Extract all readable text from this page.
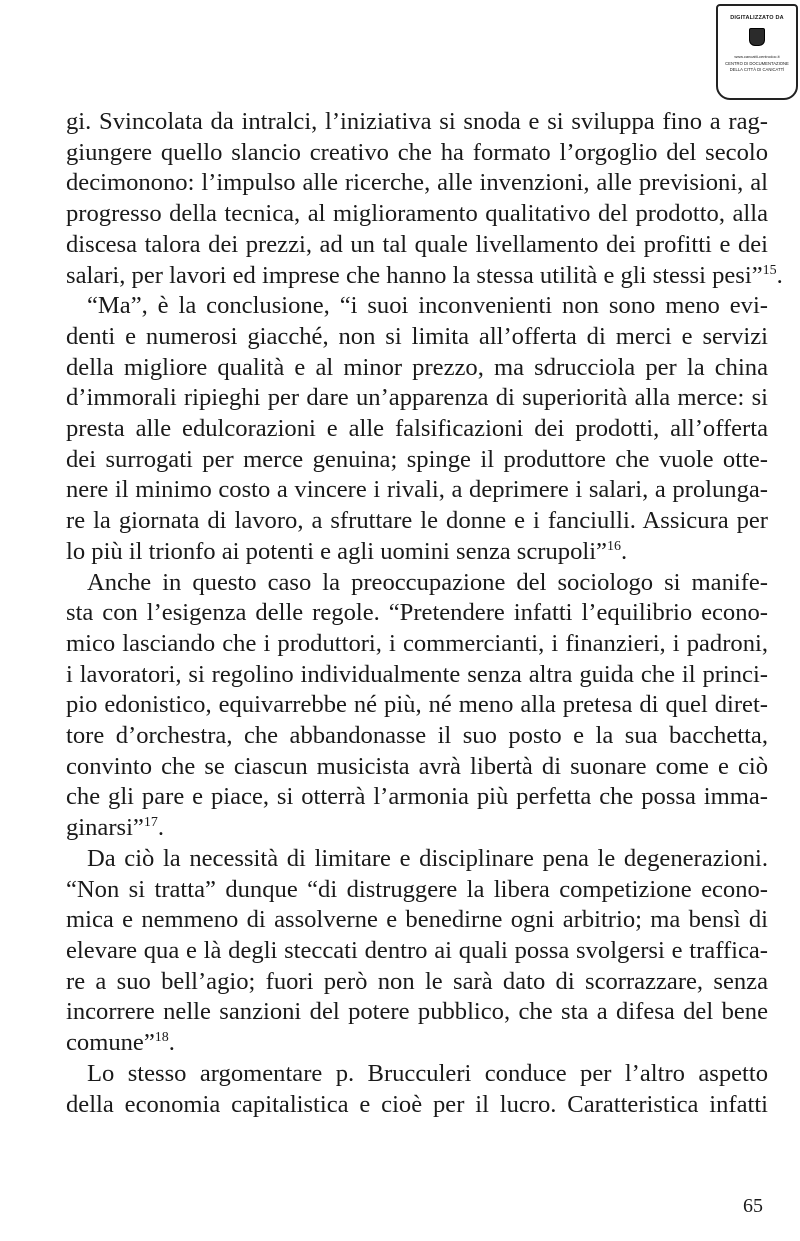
DIGITALIZZATO DA
www.cancatti-centrodoc.it
CENTRO DI DOCUMENTAZIONE
DELLA CITTÀ DI CANICATTÌ

gi. Svincolata da intralci, l’iniziativa si snoda e si sviluppa fino a rag-
giungere quello slancio creativo che ha formato l’orgoglio del secolo
decimonono: l’impulso alle ricerche, alle invenzioni, alle previsioni, al
progresso della tecnica, al miglioramento qualitativo del prodotto, alla
discesa talora dei prezzi, ad un tal quale livellamento dei profitti e dei
salari, per lavori ed imprese che hanno la stessa utilità e gli stessi pesi”$^{15}$.

“Ma”, è la conclusione, “i suoi inconvenienti non sono meno evi-
denti e numerosi giacché, non si limita all’offerta di merci e servizi
della migliore qualità e al minor prezzo, ma sdrucciola per la china
d’immorali ripieghi per dare un’apparenza di superiorità alla merce: si
presta alle edulcorazioni e alle falsificazioni dei prodotti, all’offerta
dei surrogati per merce genuina; spinge il produttore che vuole otte-
nere il minimo costo a vincere i rivali, a deprimere i salari, a prolunga-
re la giornata di lavoro, a sfruttare le donne e i fanciulli. Assicura per
lo più il trionfo ai potenti e agli uomini senza scrupoli”$^{16}$.

Anche in questo caso la preoccupazione del sociologo si manife-
sta con l’esigenza delle regole. “Pretendere infatti l’equilibrio econo-
mico lasciando che i produttori, i commercianti, i finanzieri, i padroni,
i lavoratori, si regolino individualmente senza altra guida che il princi-
pio edonistico, equivarrebbe né più, né meno alla pretesa di quel diret-
tore d’orchestra, che abbandonasse il suo posto e la sua bacchetta,
convinto che se ciascun musicista avrà libertà di suonare come e ciò
che gli pare e piace, si otterrà l’armonia più perfetta che possa imma-
ginarsi”$^{17}$.

Da ciò la necessità di limitare e disciplinare pena le degenerazioni.
“Non si tratta” dunque “di distruggere la libera competizione econo-
mica e nemmeno di assolverne e benedirne ogni arbitrio; ma bensì di
elevare qua e là degli steccati dentro ai quali possa svolgersi e traffica-
re a suo bell’agio; fuori però non le sarà dato di scorrazzare, senza
incorrere nelle sanzioni del potere pubblico, che sta a difesa del bene
comune”$^{18}$.

Lo stesso argomentare p. Brucculeri conduce per l’altro aspetto
della economia capitalistica e cioè per il lucro. Caratteristica infatti

65
